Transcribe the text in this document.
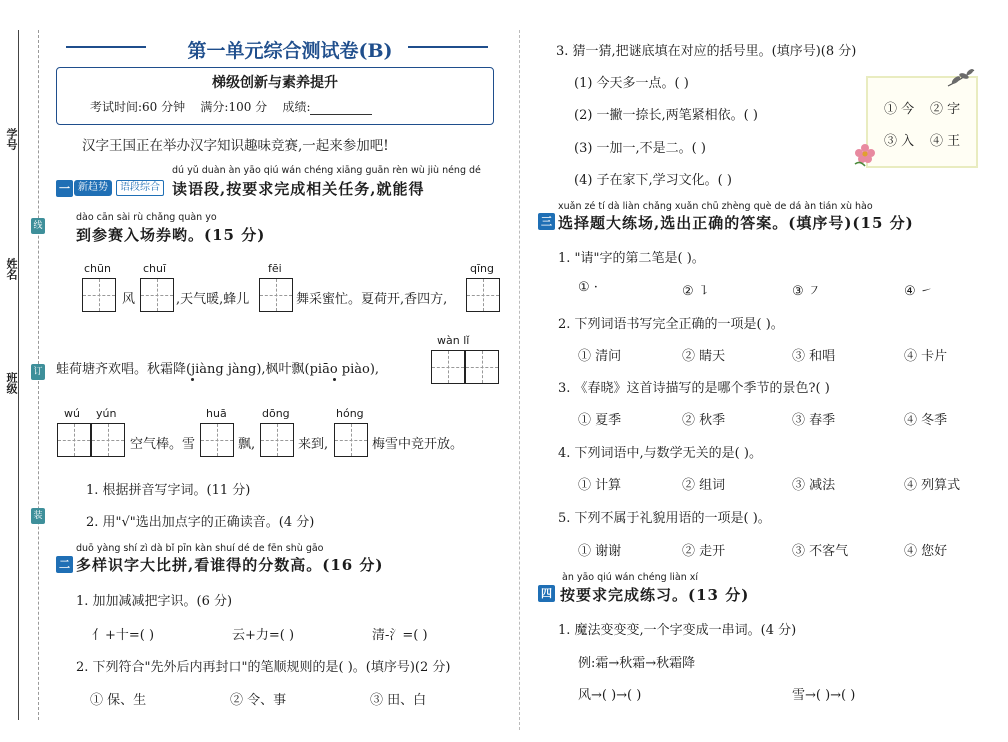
学号
姓名
班级
线
订
装
第一单元综合测试卷(B)
梯级创新与素养提升
考试时间:60 分钟 满分:100 分 成绩:
汉字王国正在举办汉字知识趣味竞赛,一起来参加吧!
一 新趋势	语段综合
dú yǔ duàn àn yāo qiú wán chéng xiāng guān rèn wù jiù néng dé
读语段,按要求完成相关任务,就能得
dào cān sài rù chǎng quàn yo
到参赛入场券哟。(15 分)
chūn
风
chuī
,天气暖,蜂儿
fēi
舞采蜜忙。夏荷开,香四方,
qīng
蛙荷塘齐欢唱。秋霜降(jiàng jàng),枫叶飘(piāo piào),
wàn lǐ
wú yún
空气棒。雪
huā
飘,
dōng
来到,
hóng
梅雪中竞开放。
1. 根据拼音写字词。(11 分)
2. 用"√"选出加点字的正确读音。(4 分)
duō yàng shí zì dà bǐ pīn kàn shuí dé de fēn shù gāo
二 多样识字大比拼,看谁得的分数高。(16 分)
1. 加加减减把字识。(6 分)
亻+十=( )	云+力=( )	清-氵=( )
2. 下列符合"先外后内再封口"的笔顺规则的是( )。(填序号)(2 分)
① 保、生	② 令、事	③ 田、白
3. 猜一猜,把谜底填在对应的括号里。(填序号)(8 分)
(1) 今天多一点。( )
(2) 一撇一捺长,两笔紧相依。( )
(3) 一加一,不是二。( )
(4) 子在家下,学习文化。( )
① 今 ② 字
③ 入 ④ 王
xuǎn zé tí dà liàn chǎng xuǎn chū zhèng què de dá àn tián xù hào
三 选择题大练场,选出正确的答案。(填序号)(15 分)
1. "请"字的第二笔是( )。
① ·	② ㇊	③ ㇇	④ ㇀
2. 下列词语书写完全正确的一项是( )。
① 清问	② 睛天	③ 和唱	④ 卡片
3. 《春晓》这首诗描写的是哪个季节的景色?( )
① 夏季	② 秋季	③ 春季	④ 冬季
4. 下列词语中,与数学无关的是( )。
① 计算	② 组词	③ 减法	④ 列算式
5. 下列不属于礼貌用语的一项是( )。
① 谢谢	② 走开	③ 不客气	④ 您好
àn yāo qiú wán chéng liàn xí
四 按要求完成练习。(13 分)
1. 魔法变变变,一个字变成一串词。(4 分)
例:霜→秋霜→秋霜降
风→( )→( )	雪→( )→( )
